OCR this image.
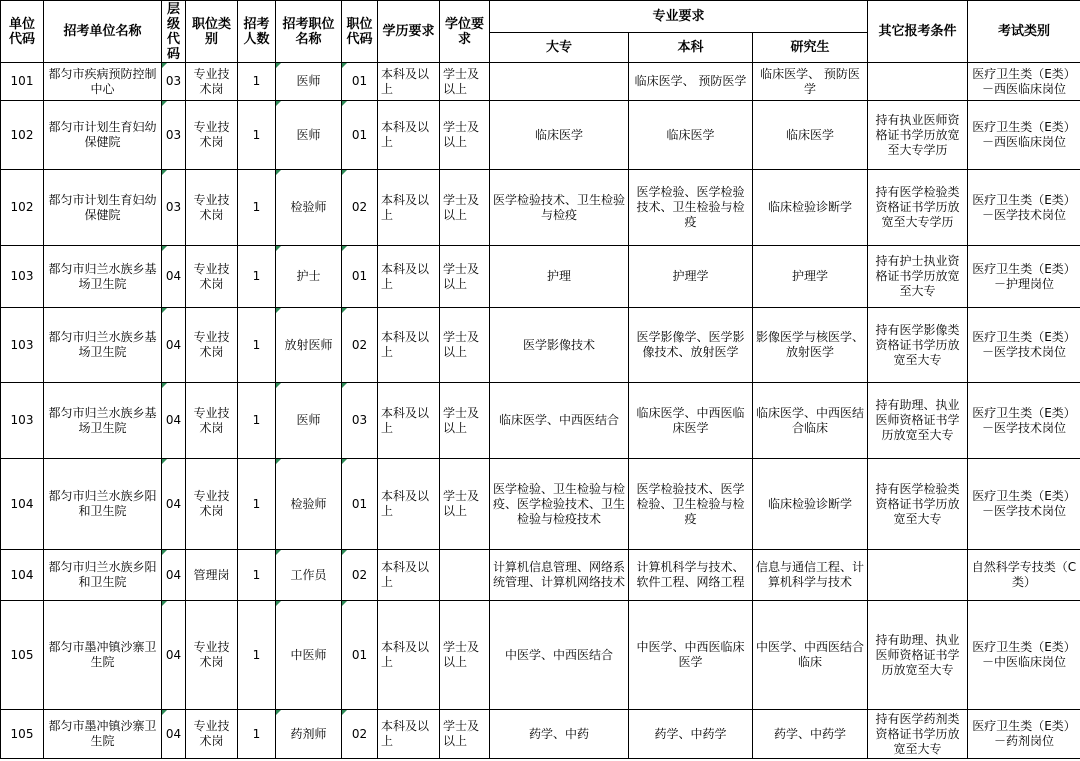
单位代码	招考单位名称	层级代码	职位类别	招考人数	招考职位名称	职位代码	学历要求	学位要求	专业要求			其它报考条件	考试类别
									大专	本科	研究生		
101	都匀市疾病预防控制中心	03	专业技术岗	1	医师	01	本科及以上	学士及以上		临床医学、 预防医学	临床医学、 预防医学		医疗卫生类（E类）－西医临床岗位
102	都匀市计划生育妇幼保健院	03	专业技术岗	1	医师	01	本科及以上	学士及以上	临床医学	临床医学	临床医学	持有执业医师资格证书学历放宽至大专学历	医疗卫生类（E类）－西医临床岗位
102	都匀市计划生育妇幼保健院	03	专业技术岗	1	检验师	02	本科及以上	学士及以上	医学检验技术、卫生检验与检疫	医学检验、医学检验技术、卫生检验与检疫	临床检验诊断学	持有医学检验类资格证书学历放宽至大专学历	医疗卫生类（E类）－医学技术岗位
103	都匀市归兰水族乡基场卫生院	04	专业技术岗	1	护士	01	本科及以上	学士及以上	护理	护理学	护理学	持有护士执业资格证书学历放宽至大专	医疗卫生类（E类）－护理岗位
103	都匀市归兰水族乡基场卫生院	04	专业技术岗	1	放射医师	02	本科及以上	学士及以上	医学影像技术	医学影像学、医学影像技术、放射医学	影像医学与核医学、放射医学	持有医学影像类资格证书学历放宽至大专	医疗卫生类（E类）－医学技术岗位
103	都匀市归兰水族乡基场卫生院	04	专业技术岗	1	医师	03	本科及以上	学士及以上	临床医学、中西医结合	临床医学、中西医临床医学	临床医学、中西医结合临床	持有助理、执业医师资格证书学历放宽至大专	医疗卫生类（E类）－医学技术岗位
104	都匀市归兰水族乡阳和卫生院	04	专业技术岗	1	检验师	01	本科及以上	学士及以上	医学检验、卫生检验与检疫、医学检验技术、卫生检验与检疫技术	医学检验技术、医学检验、卫生检验与检疫	临床检验诊断学	持有医学检验类资格证书学历放宽至大专	医疗卫生类（E类）－医学技术岗位
104	都匀市归兰水族乡阳和卫生院	04	管理岗	1	工作员	02	本科及以上		计算机信息管理、网络系统管理、计算机网络技术	计算机科学与技术、软件工程、网络工程	信息与通信工程、计算机科学与技术		自然科学专技类（C类）
105	都匀市墨冲镇沙寨卫生院	04	专业技术岗	1	中医师	01	本科及以上	学士及以上	中医学、中西医结合	中医学、中西医临床医学	中医学、中西医结合临床	持有助理、执业医师资格证书学历放宽至大专	医疗卫生类（E类）－中医临床岗位
105	都匀市墨冲镇沙寨卫生院	04	专业技术岗	1	药剂师	02	本科及以上	学士及以上	药学、中药	药学、中药学	药学、中药学	持有医学药剂类资格证书学历放宽至大专	医疗卫生类（E类）－药剂岗位
